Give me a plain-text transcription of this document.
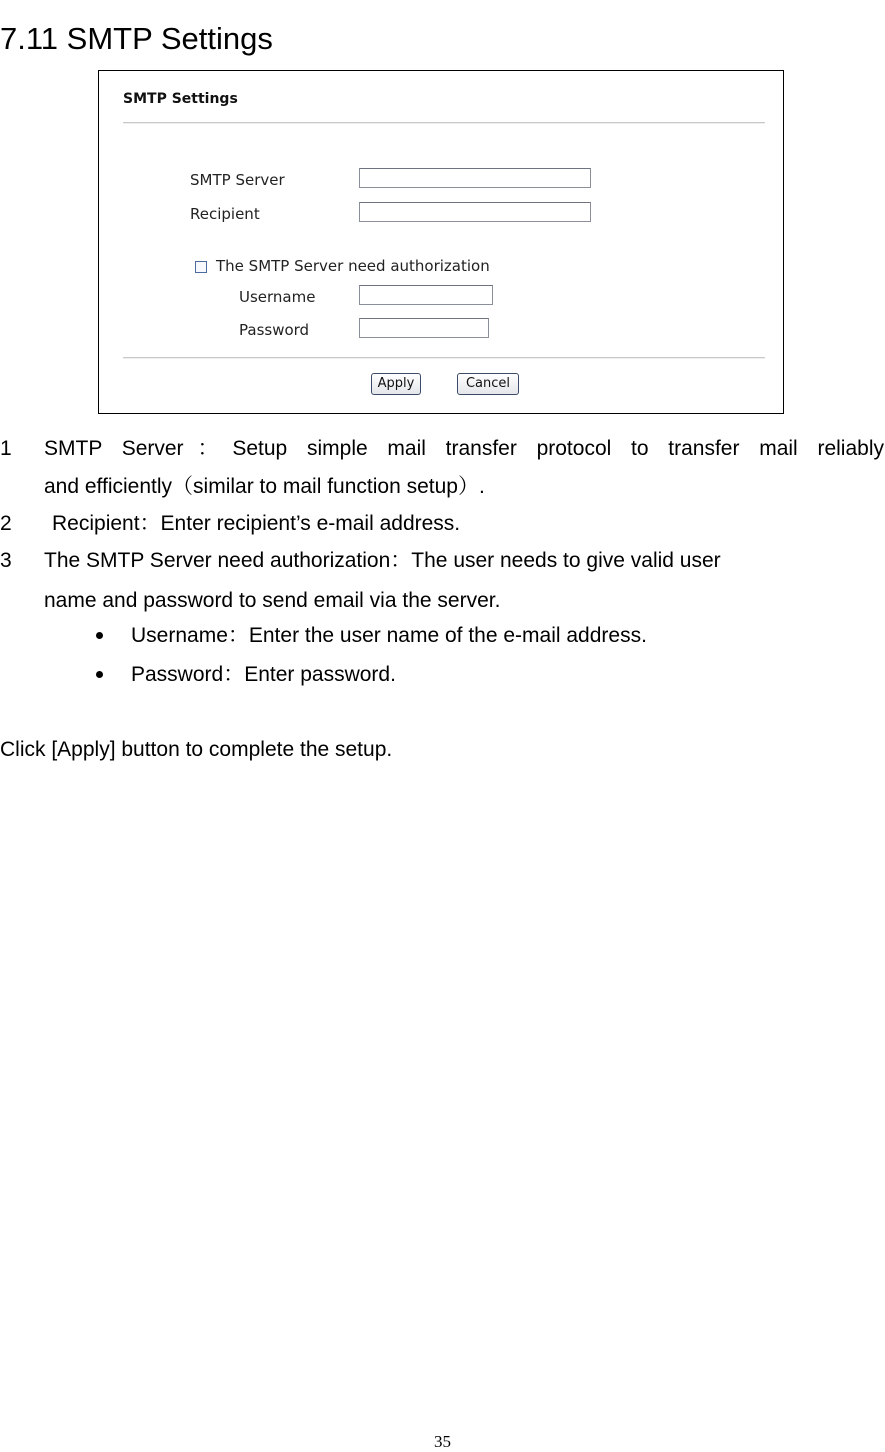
7.11 SMTP Settings
SMTP Settings
SMTP Server
Recipient
The SMTP Server need authorization
Username
Password
Apply	Cancel
1 SMTP Server：Setup simple mail transfer protocol to transfer mail reliably
and efficiently（similar to mail function setup）.
2 Recipient：Enter recipient’s e-mail address.
3 The SMTP Server need authorization：The user needs to give valid user
name and password to send email via the server.
Username：Enter the user name of the e-mail address.
Password：Enter password.
Click [Apply] button to complete the setup.
35
